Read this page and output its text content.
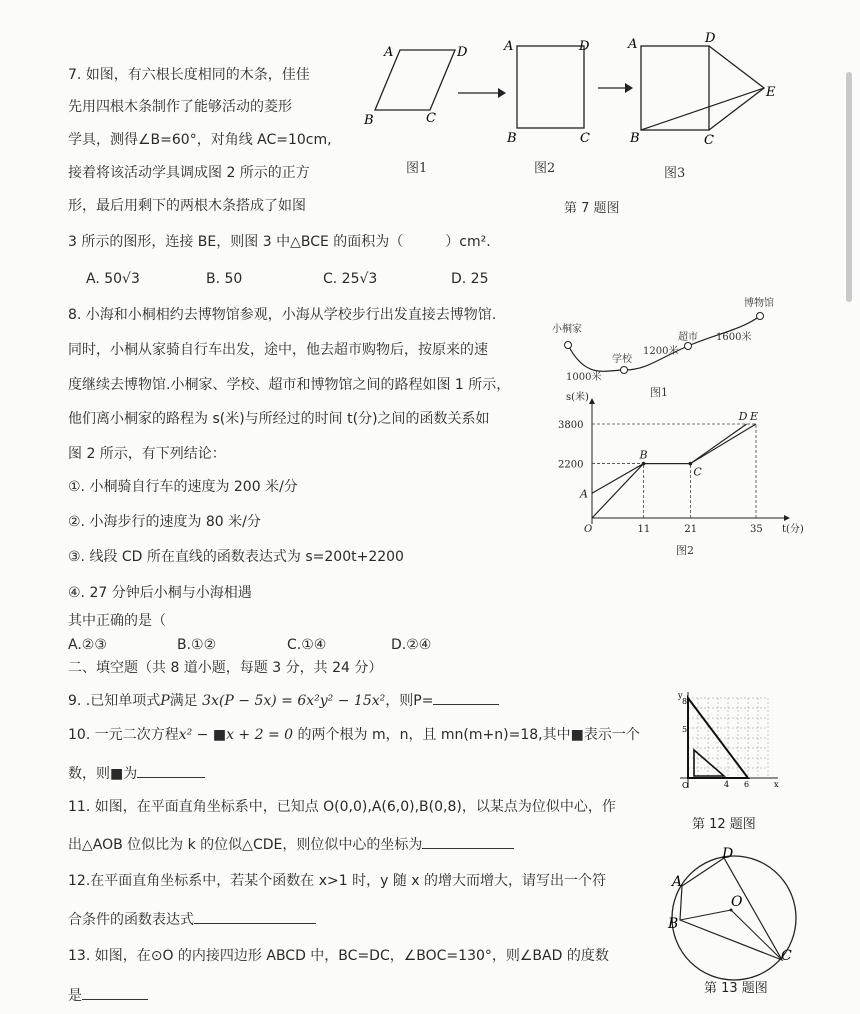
7. 如图，有六根长度相同的木条，佳佳
先用四根木条制作了能够活动的菱形
学具，测得∠B=60°，对角线 AC=10cm,
接着将该活动学具调成图 2 所示的正方
形，最后用剩下的两根木条搭成了如图
3 所示的图形，连接 BE，则图 3 中△BCE 的面积为（　　　）cm².
A. 50√3	B. 50	C. 25√3	D. 25
A	D
B	C
A	D
B	C
A	D
E
B	C
图1	图2	图3
第 7 题图
8. 小海和小桐相约去博物馆参观，小海从学校步行出发直接去博物馆.
同时，小桐从家骑自行车出发，途中，他去超市购物后，按原来的速
度继续去博物馆.小桐家、学校、超市和博物馆之间的路程如图 1 所示，
他们离小桐家的路程为 s(米)与所经过的时间 t(分)之间的函数关系如
图 2 所示，有下列结论：
①. 小桐骑自行车的速度为 200 米/分
②. 小海步行的速度为 80 米/分
③. 线段 CD 所在直线的函数表达式为 s=200t+2200
④. 27 分钟后小桐与小海相遇
其中正确的是（
A.②③	B.①②	C.①④	D.②④
小桐家
学校
超市
博物馆
1000米
1200米
1600米
图1
3800
2200
11	21	35
O
s(米)
t(分)
A
B
C
D E
图2
二、填空题（共 8 道小题，每题 3 分，共 24 分）
9. .已知单项式P满足 3x(P − 5x) = 6x²y² − 15x²，则P=
10. 一元二次方程x² − ■x + 2 = 0 的两个根为 m，n，且 mn(m+n)=18,其中■表示一个
数，则■为
11. 如图，在平面直角坐标系中，已知点 O(0,0),A(6,0),B(0,8)，以某点为位似中心，作
出△AOB 位似比为 k 的位似△CDE，则位似中心的坐标为
12.在平面直角坐标系中，若某个函数在 x>1 时，y 随 x 的增大而增大，请写出一个符
合条件的函数表达式
13. 如图，在⊙O 的内接四边形 ABCD 中，BC=DC，∠BOC=130°，则∠BAD 的度数
是
y
8
5
O	4 6	x
第 12 题图
A
D
B
C
O
第 13 题图
